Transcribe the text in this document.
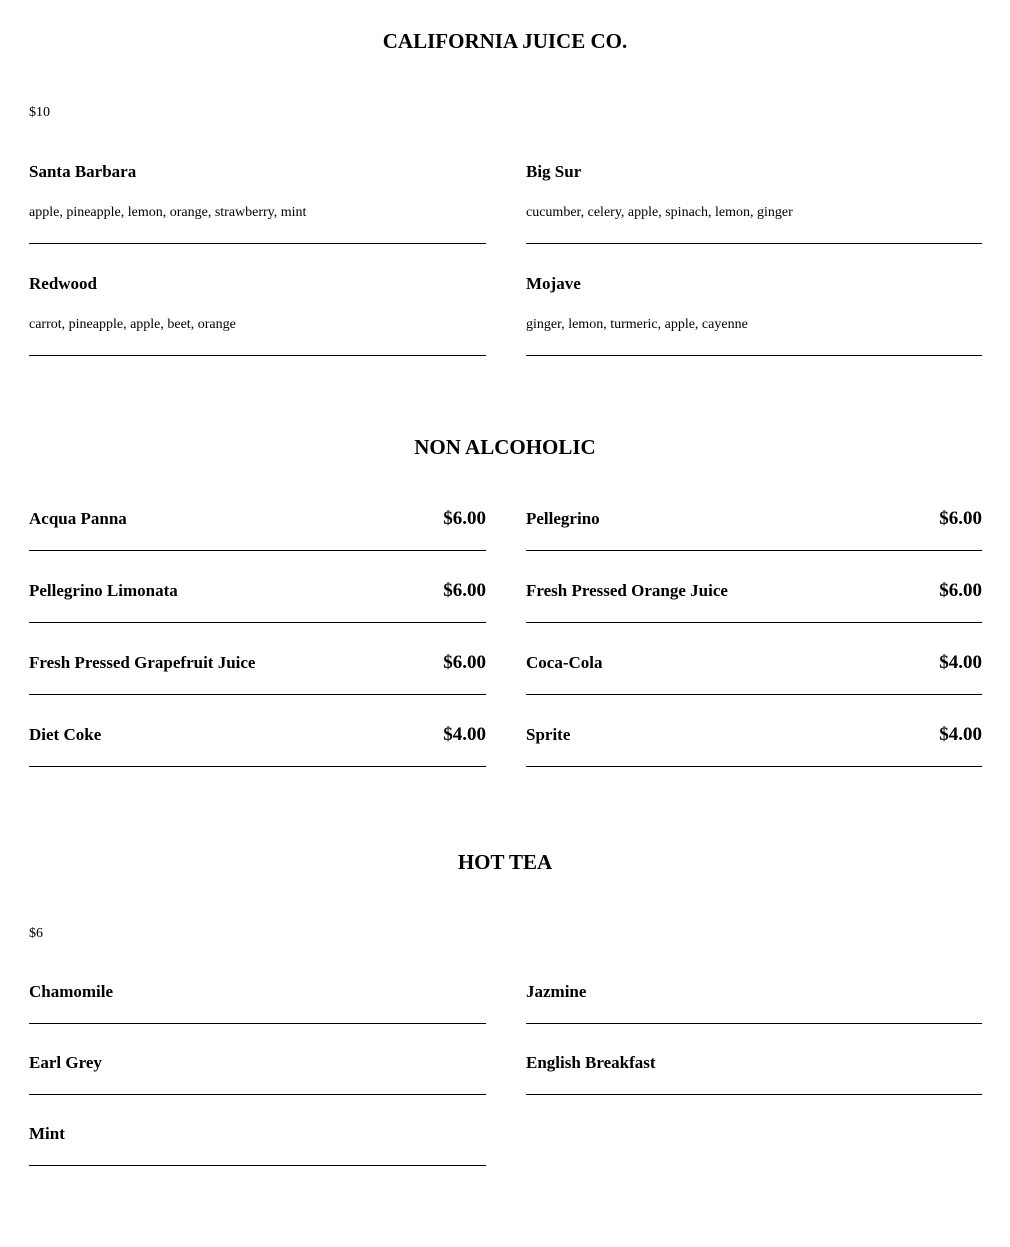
CALIFORNIA JUICE CO.

$10

Santa Barbara
apple, pineapple, lemon, orange, strawberry, mint
Redwood
carrot, pineapple, apple, beet, orange
Big Sur
cucumber, celery, apple, spinach, lemon, ginger
Mojave
ginger, lemon, turmeric, apple, cayenne
NON ALCOHOLIC
Acqua Panna	$6.00
Pellegrino Limonata	$6.00
Fresh Pressed Grapefruit Juice	$6.00
Diet Coke	$4.00
Pellegrino	$6.00
Fresh Pressed Orange Juice	$6.00
Coca-Cola	$4.00
Sprite	$4.00
HOT TEA

$6

Chamomile
Earl Grey
Mint
Jazmine
English Breakfast
